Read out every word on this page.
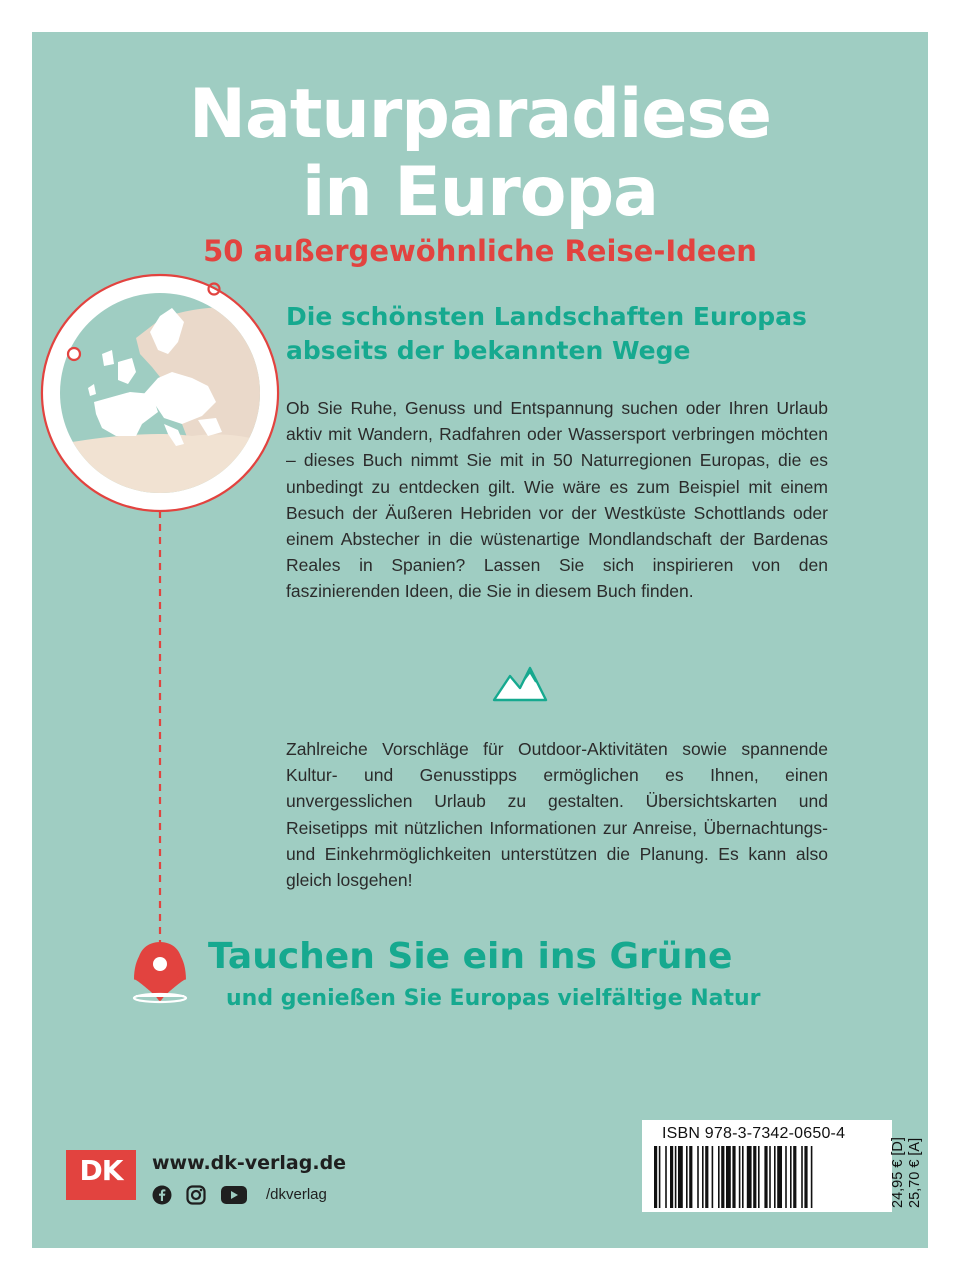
Naturparadiese
in Europa
50 außergewöhnliche Reise-Ideen
Die schönsten Landschaften Europas
abseits der bekannten Wege

Ob Sie Ruhe, Genuss und Entspannung suchen oder Ihren Urlaub aktiv mit Wandern, Radfahren oder Wassersport verbringen möchten – dieses Buch nimmt Sie mit in 50 Naturregionen Europas, die es unbedingt zu entdecken gilt. Wie wäre es zum Beispiel mit einem Besuch der Äußeren Hebriden vor der Westküste Schottlands oder einem Abstecher in die wüstenartige Mondlandschaft der Bardenas Reales in Spanien? Lassen Sie sich inspirieren von den faszinierenden Ideen, die Sie in diesem Buch finden.

Zahlreiche Vorschläge für Outdoor-Aktivitäten sowie spannende Kultur- und Genusstipps ermöglichen es Ihnen, einen unvergesslichen Urlaub zu gestalten. Übersichtskarten und Reisetipps mit nützlichen Informationen zur Anreise, Übernachtungs- und Einkehrmöglichkeiten unterstützen die Planung. Es kann also gleich losgehen!

Tauchen Sie ein ins Grüne
und genießen Sie Europas vielfältige Natur
DK	www.dk-verlag.de
/dkverlag
ISBN 978-3-7342-0650-4
24,95 € [D] 25,70 € [A]
